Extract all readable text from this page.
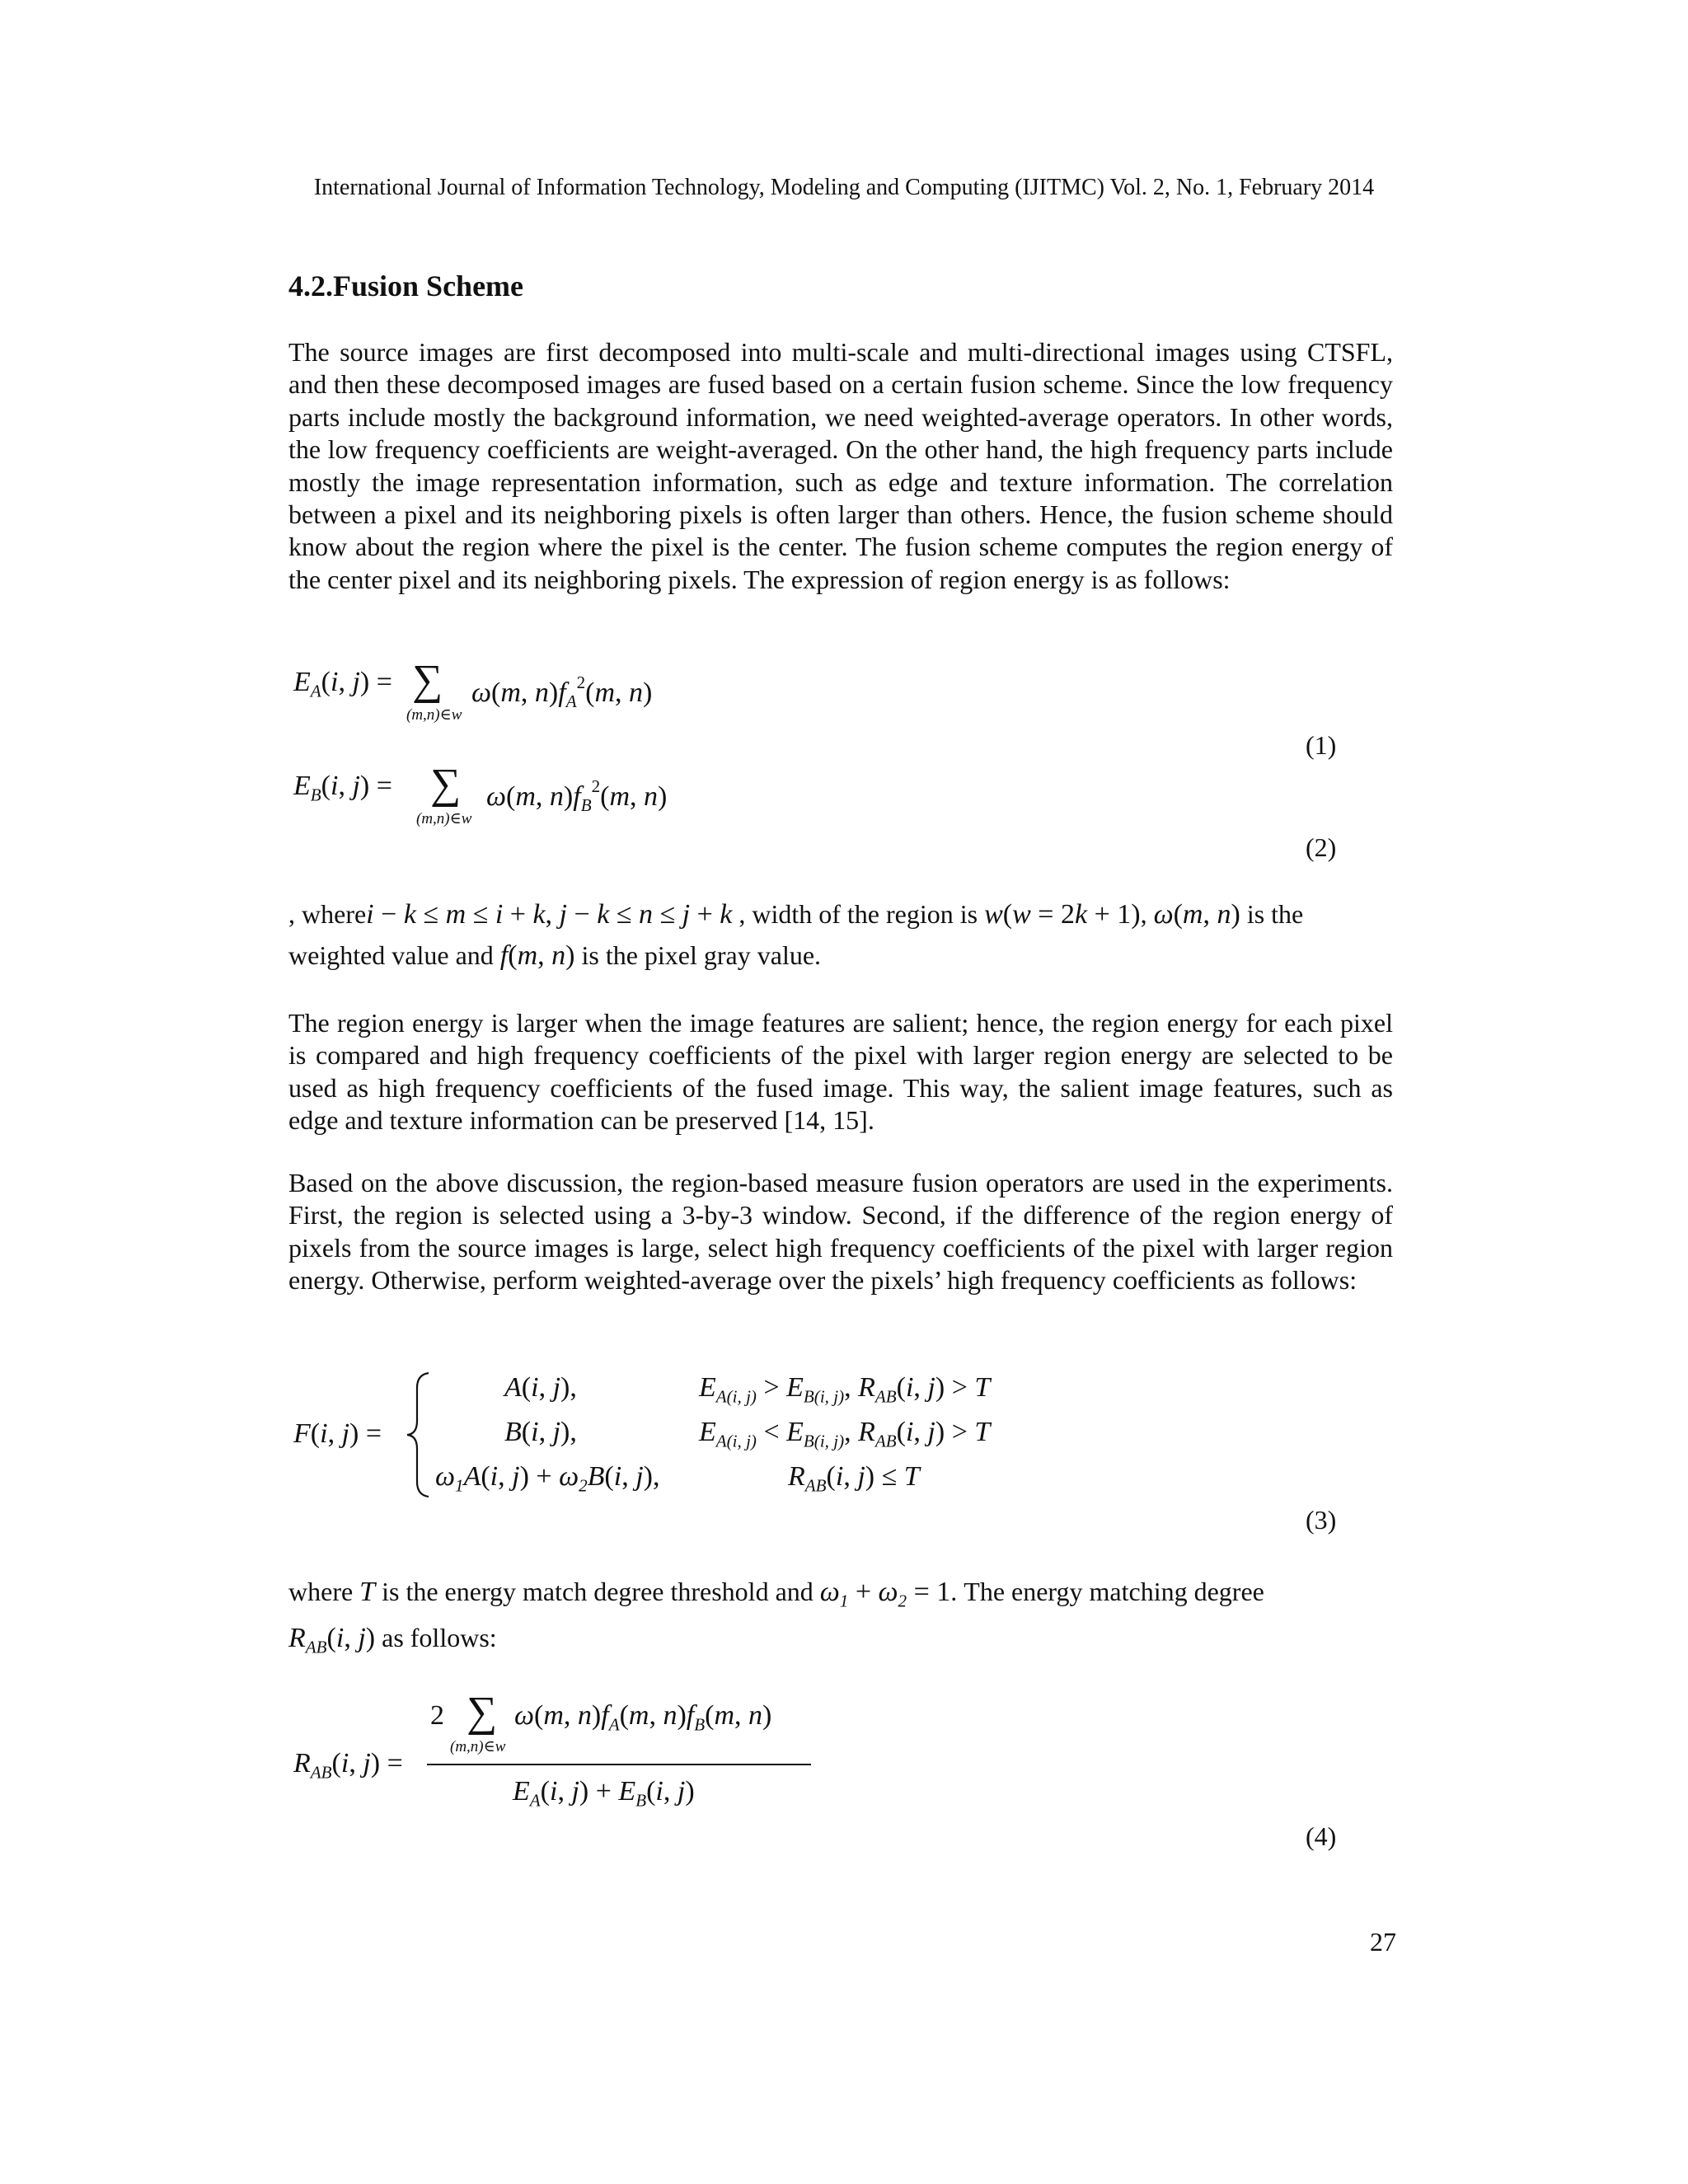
International Journal of Information Technology, Modeling and Computing (IJITMC) Vol. 2, No. 1, February 2014
4.2.Fusion Scheme

The source images are first decomposed into multi-scale and multi-directional images using CTSFL, and then these decomposed images are fused based on a certain fusion scheme. Since the low frequency parts include mostly the background information, we need weighted-average operators. In other words, the low frequency coefficients are weight-averaged. On the other hand, the high frequency parts include mostly the image representation information, such as edge and texture information. The correlation between a pixel and its neighboring pixels is often larger than others. Hence, the fusion scheme should know about the region where the pixel is the center. The fusion scheme computes the region energy of the center pixel and its neighboring pixels. The expression of region energy is as follows:

$E_A(i$, j) = ∑
(m,n)∈w
ω(m, $n)f_A^2(m$, n)
(1)
$E_B(i$, j) = ∑
(m,n)∈w
ω(m, $n)f_B^2(m$, n)
(2)
, wherei − k ≤ m ≤ i + k, j − k ≤ n ≤ j + k , width of the region is w(w = 2k + 1), ω(m, n) is the
weighted value and f(m, n) is the pixel gray value.

The region energy is larger when the image features are salient; hence, the region energy for each pixel is compared and high frequency coefficients of the pixel with larger region energy are selected to be used as high frequency coefficients of the fused image. This way, the salient image features, such as edge and texture information can be preserved [14, 15].

Based on the above discussion, the region-based measure fusion operators are used in the experiments. First, the region is selected using a 3-by-3 window. Second, if the difference of the region energy of pixels from the source images is large, select high frequency coefficients of the pixel with larger region energy. Otherwise, perform weighted-average over the pixels’ high frequency coefficients as follows:

F(i, j) =
A(i, j),	$E_{A(i, j)} > E_{B(i, j)}$, $R_{AB}(i$, j) > T
B(i, j),	$E_{A(i, j)} < E_{B(i, j)}$, $R_{AB}(i$, j) > T
$\omega_1A(i$, $j) + \omega_2B(i$, j),	$R_{AB}(i$, j) ≤ T
(3)
where T is the energy match degree threshold and $\omega_1 + \omega_2 = 1$. The energy matching degree
$R_{AB}(i$, j) as follows:
$R_{AB}(i$, j) =
2 ∑
(m,n)∈w
ω(m, $n)f_A(m$, $n)f_B(m$, n)
$E_A(i$, $j) + E_B(i$, j)
(4)
27
